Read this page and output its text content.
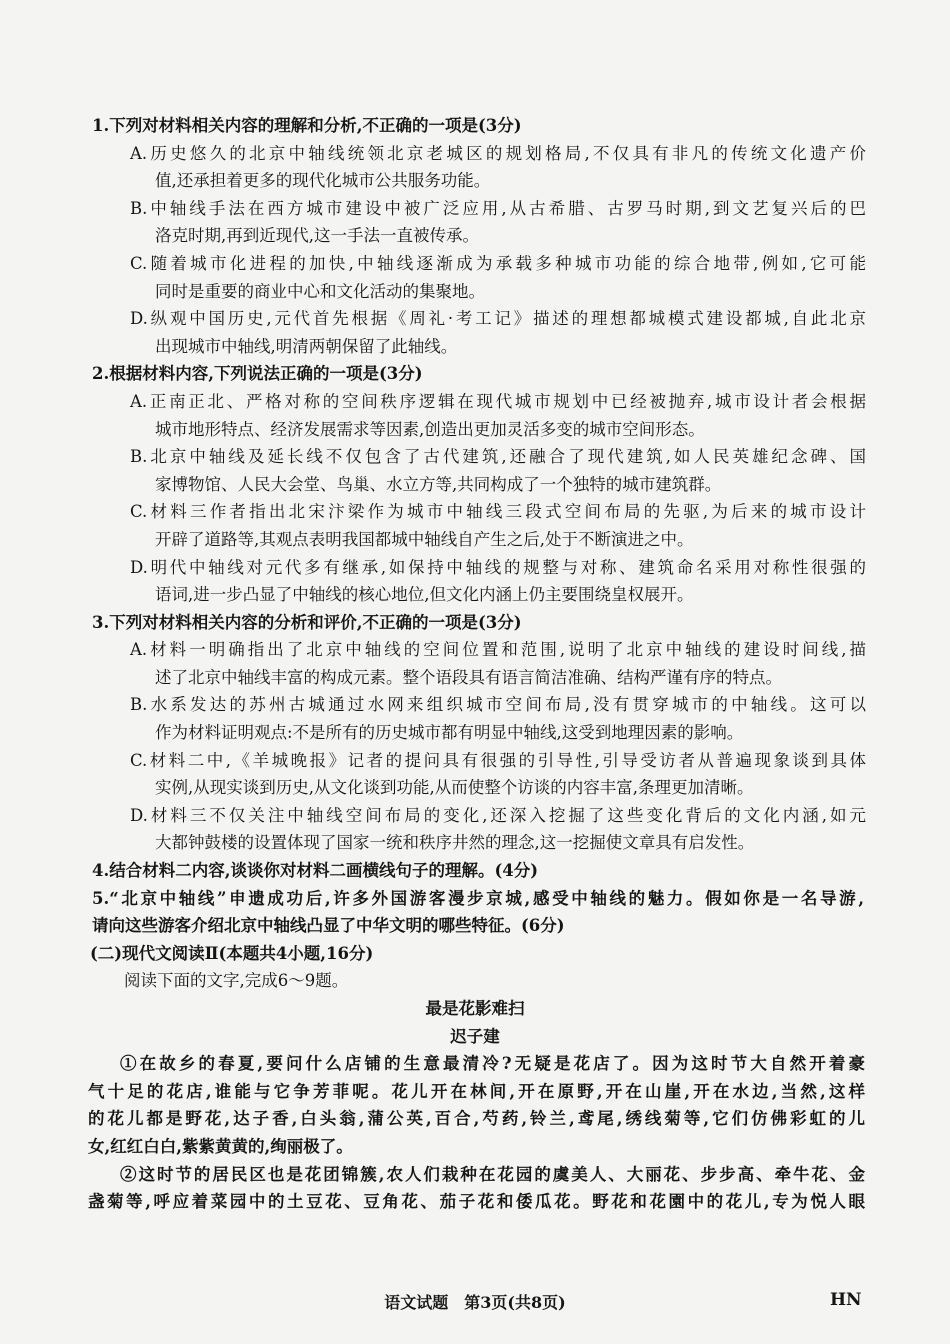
1.下列对材料相关内容的理解和分析,不正确的一项是(3分)
A.历史悠久的北京中轴线统领北京老城区的规划格局,不仅具有非凡的传统文化遗产价
值,还承担着更多的现代化城市公共服务功能。
B.中轴线手法在西方城市建设中被广泛应用,从古希腊、古罗马时期,到文艺复兴后的巴
洛克时期,再到近现代,这一手法一直被传承。
C.随着城市化进程的加快,中轴线逐渐成为承载多种城市功能的综合地带,例如,它可能
同时是重要的商业中心和文化活动的集聚地。
D.纵观中国历史,元代首先根据《周礼·考工记》描述的理想都城模式建设都城,自此北京
出现城市中轴线,明清两朝保留了此轴线。
2.根据材料内容,下列说法正确的一项是(3分)
A.正南正北、严格对称的空间秩序逻辑在现代城市规划中已经被抛弃,城市设计者会根据
城市地形特点、经济发展需求等因素,创造出更加灵活多变的城市空间形态。
B.北京中轴线及延长线不仅包含了古代建筑,还融合了现代建筑,如人民英雄纪念碑、国
家博物馆、人民大会堂、鸟巢、水立方等,共同构成了一个独特的城市建筑群。
C.材料三作者指出北宋汴梁作为城市中轴线三段式空间布局的先驱,为后来的城市设计
开辟了道路等,其观点表明我国都城中轴线自产生之后,处于不断演进之中。
D.明代中轴线对元代多有继承,如保持中轴线的规整与对称、建筑命名采用对称性很强的
语词,进一步凸显了中轴线的核心地位,但文化内涵上仍主要围绕皇权展开。
3.下列对材料相关内容的分析和评价,不正确的一项是(3分)
A.材料一明确指出了北京中轴线的空间位置和范围,说明了北京中轴线的建设时间线,描
述了北京中轴线丰富的构成元素。整个语段具有语言简洁准确、结构严谨有序的特点。
B.水系发达的苏州古城通过水网来组织城市空间布局,没有贯穿城市的中轴线。这可以
作为材料证明观点:不是所有的历史城市都有明显中轴线,这受到地理因素的影响。
C.材料二中,《羊城晚报》记者的提问具有很强的引导性,引导受访者从普遍现象谈到具体
实例,从现实谈到历史,从文化谈到功能,从而使整个访谈的内容丰富,条理更加清晰。
D.材料三不仅关注中轴线空间布局的变化,还深入挖掘了这些变化背后的文化内涵,如元
大都钟鼓楼的设置体现了国家一统和秩序井然的理念,这一挖掘使文章具有启发性。
4.结合材料二内容,谈谈你对材料二画横线句子的理解。(4分)
5.“北京中轴线”申遗成功后,许多外国游客漫步京城,感受中轴线的魅力。假如你是一名导游,
请向这些游客介绍北京中轴线凸显了中华文明的哪些特征。(6分)
(二)现代文阅读Ⅱ(本题共4小题,16分)
阅读下面的文字,完成6～9题。
最是花影难扫
迟子建
①在故乡的春夏,要问什么店铺的生意最清冷?无疑是花店了。因为这时节大自然开着豪
气十足的花店,谁能与它争芳菲呢。花儿开在林间,开在原野,开在山崖,开在水边,当然,这样
的花儿都是野花,达子香,白头翁,蒲公英,百合,芍药,铃兰,鸢尾,绣线菊等,它们仿佛彩虹的儿
女,红红白白,紫紫黄黄的,绚丽极了。
②这时节的居民区也是花团锦簇,农人们栽种在花园的虞美人、大丽花、步步高、牵牛花、金
盏菊等,呼应着菜园中的土豆花、豆角花、茄子花和倭瓜花。野花和花園中的花儿,专为悦人眼
语文试题　第3页(共8页)	HN
